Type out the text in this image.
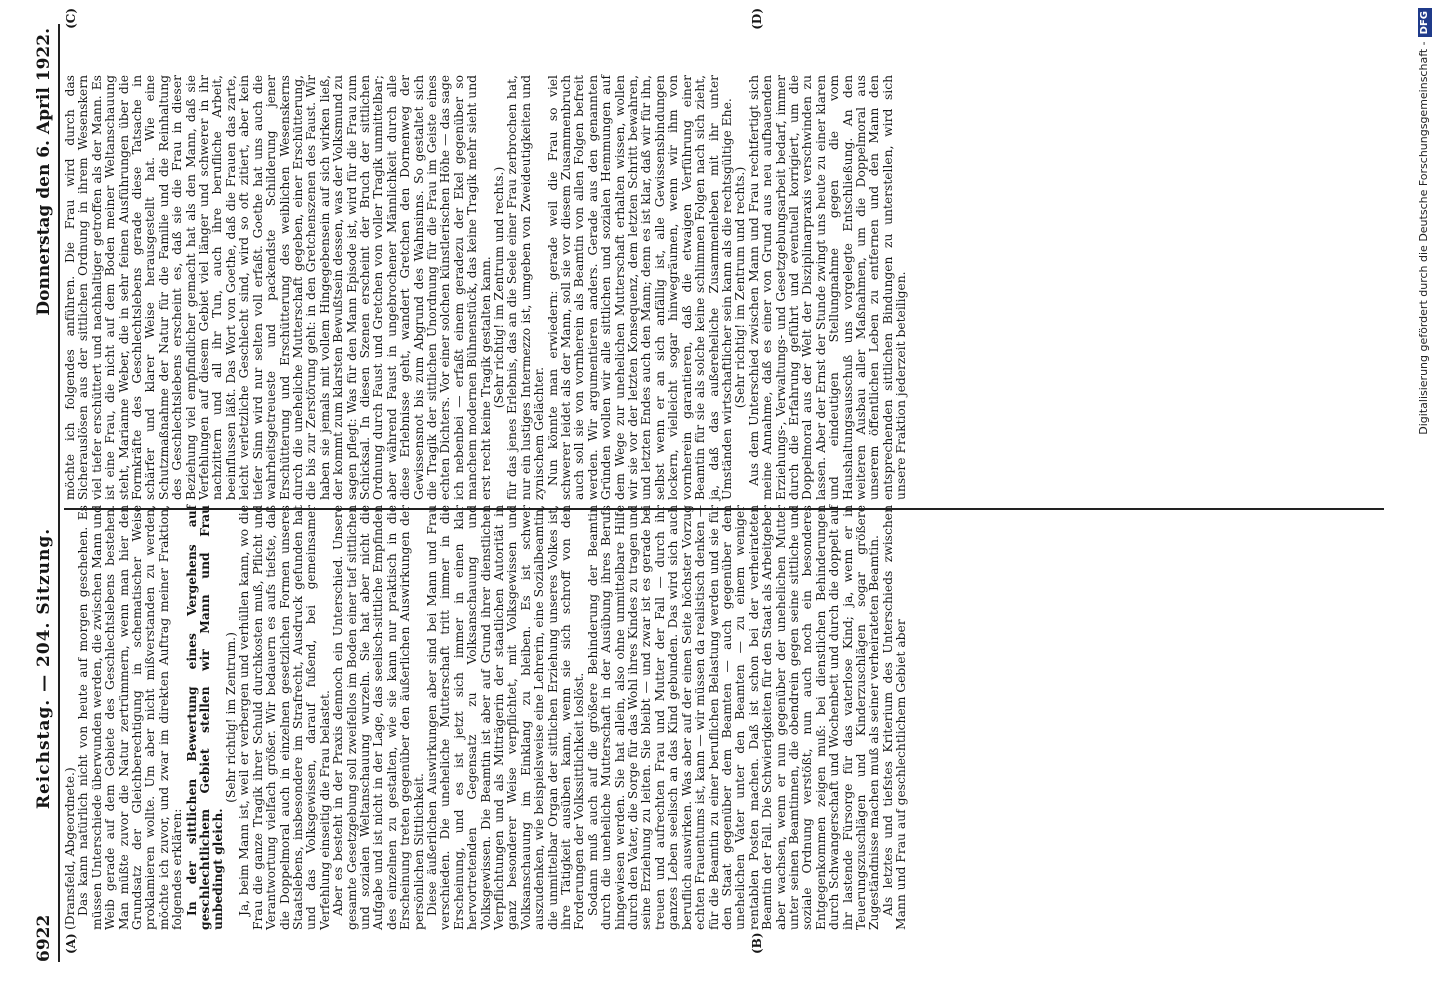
6922
Reichstag. — 204. Sitzung.
Donnerstag den 6. April 1922.
(A)	(B)
(C)	(D)

(Dransfeld, Abgeordnete.) Das kann natürlich nicht von heute auf morgen geschehen. Es müssen Unterschiede überwunden werden, die zwischen Mann und Weib gerade auf dem Gebiete des Geschlechtslebens bestehen. Man müßte zuvor die Natur zertrümmern, wenn man hier den Grundsatz der Gleichberechtigung in schematischer Weise proklamieren wollte. Um aber nicht mißverstanden zu werden, möchte ich zuvor, und zwar im direkten Auftrag meiner Fraktion, folgendes erklären: In der sittlichen Bewertung eines Vergehens auf geschlechtlichem Gebiet stellen wir Mann und Frau unbedingt gleich.

(Sehr richtig! im Zentrum.) Ja, beim Mann ist, weil er verbergen und verhüllen kann, wo die Frau die ganze Tragik ihrer Schuld durchkosten muß, Pflicht und Verantwortung vielfach größer. Wir bedauern es aufs tiefste, daß die Doppelmoral auch in einzelnen gesetzlichen Formen unseres Staatslebens, insbesondere im Strafrecht, Ausdruck gefunden hat und das Volksgewissen, darauf fußend, bei gemeinsamer Verfehlung einseitig die Frau belastet. Aber es besteht in der Praxis dennoch ein Unterschied. Unsere gesamte Gesetzgebung soll zweifellos im Boden einer tief sittlichen und sozialen Weltanschauung wurzeln. Sie hat aber nicht die Aufgabe und ist nicht in der Lage, das seelisch-sittliche Empfinden des einzelnen zu gestalten, wie sie kann nur praktisch in die Erscheinung treten gegenüber den äußerlichen Auswirkungen der persönlichen Sittlichkeit. Diese äußerlichen Auswirkungen aber sind bei Mann und Frau verschieden. Die uneheliche Mutterschaft tritt immer in die Erscheinung, und es ist jetzt sich immer in einen klar hervortretenden Gegensatz zu Volksanschauung und Volksgewissen. Die Beamtin ist aber auf Grund ihrer dienstlichen Verpflichtungen und als Mitträgerin der staatlichen Autorität in ganz besonderer Weise verpflichtet, mit Volksgewissen und Volksanschauung im Einklang zu bleiben. Es ist schwer auszudenken, wie beispielsweise eine Lehrerin, eine Sozialbeamtin, die unmittelbar Organ der sittlichen Erziehung unseres Volkes ist, ihre Tätigkeit ausüben kann, wenn sie sich schroff von den Forderungen der Volkssittlichkeit loslöst. Sodann muß auch auf die größere Behinderung der Beamtin durch die uneheliche Mutterschaft in der Ausübung ihres Berufs hingewiesen werden. Sie hat allein, also ohne unmittelbare Hilfe durch den Vater, die Sorge für das Wohl ihres Kindes zu tragen und seine Erziehung zu leiten. Sie bleibt — und zwar ist es gerade bei treuen und aufrechten Frau und Mutter der Fall — durch ihr ganzes Leben seelisch an das Kind gebunden. Das wird sich auch beruflich auswirken. Was aber auf der einen Seite höchster Vorzug echten Frauentums ist, kann — wir müssen da realistisch denken — für die Beamtin zu einer beruflichen Belastung werden und sie für den Staat gegenüber dem Beamten — auch gegenüber dem unehelichen Vater unter den Beamten — zu einem weniger rentablen Posten machen. Daß ist schon bei der verheirateten Beamtin der Fall. Die Schwierigkeiten für den Staat als Arbeitgeber aber wachsen, wenn er nun gegenüber der unehelichen Mutter unter seinen Beamtinnen, die obendrein gegen seine sittliche und soziale Ordnung verstößt, nun auch noch ein besonderes Entgegenkommen zeigen muß: bei dienstlichen Behinderungen durch Schwangerschaft und Wochenbett und durch die doppelt auf ihr lastende Fürsorge für das vaterlose Kind; ja, wenn er in Teuerungszuschlägen und Kinderzuschlägen sogar größere Zugeständnisse machen muß als seiner verheirateten Beamtin. Als letztes und tiefstes Kriterium des Unterschieds zwischen Mann und Frau auf geschlechtlichem Gebiet aber

möchte ich folgendes anführen. Die Frau wird durch das Sicherauslösen aus der sittlichen Ordnung in ihrem Wesenskern viel tiefer erschüttert und nachhaltiger getroffen als der Mann. Es ist eine Frau, die nicht auf dem Boden meiner Weltanschauung steht, Marianne Weber, die in sehr feinen Ausführungen über die Formkräfte des Geschlechtslebens gerade diese Tatsache in schärfer und klarer Weise herausgestellt hat. Wie eine Schutzmaßnahme der Natur für die Familie und die Reinhaltung des Geschlechtslebens erscheint es, daß sie die Frau in dieser Beziehung viel empfindlicher gemacht hat als den Mann, daß sie Verfehlungen auf diesem Gebiet viel länger und schwerer in ihr nachzittern und all ihr Tun, auch ihre berufliche Arbeit, beeinflussen läßt. Das Wort von Goethe, daß die Frauen das zarte, leicht verletzliche Geschlecht sind, wird so oft zitiert, aber kein tiefer Sinn wird nur selten voll erfaßt. Goethe hat uns auch die wahrheitsgetreueste und packendste Schilderung jener Erschütterung und Erschütterung des weiblichen Wesenskerns durch die uneheliche Mutterschaft gegeben, einer Erschütterung, die bis zur Zerstörung geht: in den Gretchenszenen des Faust. Wir haben sie jemals mit vollem Hingegebensein auf sich wirken ließ, der kommt zum klarsten Bewußtsein dessen, was der Volksmund zu sagen pflegt: Was für den Mann Episode ist, wird für die Frau zum Schicksal. In diesen Szenen erscheint der Bruch der sittlichen Ordnung durch Faust und Gretchen von voller Tragik unmittelbar; aber während Faust in ungebrochener Männlichkeit durch alle diese Erlebnisse geht, wandert Gretchen den Dornenweg der Gewissensnot bis zum Abgrund des Wahnsinns. So gestaltet sich die Tragik der sittlichen Unordnung für die Frau im Geiste eines echten Dichters. Vor einer solchen künstlerischen Höhe — das sage ich nebenbei — erfaßt einem geradezu der Ekel gegenüber so manchem modernen Bühnenstück, das keine Tragik mehr sieht und erst recht keine Tragik gestalten kann. (Sehr richtig! im Zentrum und rechts.) für das jenes Erlebnis, das an die Seele einer Frau zerbrochen hat, nur ein lustiges Intermezzo ist, umgeben von Zweideutigkeiten und zynischem Gelächter. Nun könnte man erwiedern: gerade weil die Frau so viel schwerer leidet als der Mann, soll sie vor diesem Zusammenbruch auch soll sie von vornherein als Beamtin von allen Folgen befreit werden. Wir argumentieren anders. Gerade aus den genannten Gründen wollen wir alle sittlichen und sozialen Hemmungen auf dem Wege zur unehelichen Mutterschaft erhalten wissen, wollen wir sie vor der letzten Konsequenz, dem letzten Schritt bewahren, und letzten Endes auch den Mann; denn es ist klar, daß wir für ihn, selbst wenn er an sich anfällig ist, alle Gewissensbindungen lockern, vielleicht sogar hinwegräumen, wenn wir ihm von vornherein garantieren, daß die etwaigen Verführung einer Beamtin für sie als solche keine schlimmen Folgen nach sich zieht, ja, daß das außereheliche Zusammenleben mit ihr unter Umständen wirtschaftlicher sein kann als die rechtsgültige Ehe. (Sehr richtig! im Zentrum und rechts.) Aus dem Unterschied zwischen Mann und Frau rechtfertigt sich meine Annahme, daß es einer von Grund aus neu aufbauenden Erziehungs-, Verwaltungs- und Gesetzgebungsarbeit bedarf, immer durch die Erfahrung geführt und eventuell korrigiert, um die Doppelmoral aus der Welt der Disziplinarpraxis verschwinden zu lassen. Aber der Ernst der Stunde zwingt uns heute zu einer klaren und eindeutigen Stellungnahme gegen die vom Haushaltungsausschuß uns vorgelegte Entschließung. An den weiteren Ausbau aller Maßnahmen, um die Doppelmoral aus unserem öffentlichen Leben zu entfernen und den Mann den entsprechenden sittlichen Bindungen zu unterstellen, wird sich unsere Fraktion jederzeit beteiligen.	Digitalisierung gefördert durch die Deutsche Forschungsgemeinschaft -DFG
